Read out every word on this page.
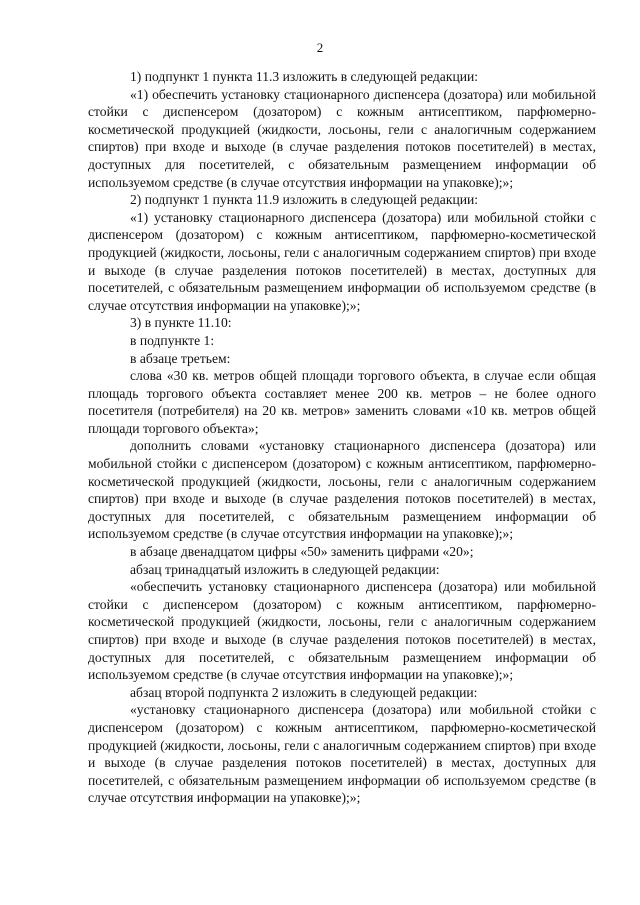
2

1) подпункт 1 пункта 11.3 изложить в следующей редакции:

«1) обеспечить установку стационарного диспенсера (дозатора) или мобильной стойки с диспенсером (дозатором) с кожным антисептиком, парфюмерно-косметической продукцией (жидкости, лосьоны, гели с аналогичным содержанием спиртов) при входе и выходе (в случае разделения потоков посетителей) в местах, доступных для посетителей, с обязательным размещением информации об используемом средстве (в случае отсутствия информации на упаковке);»;

2) подпункт 1 пункта 11.9 изложить в следующей редакции:

«1) установку стационарного диспенсера (дозатора) или мобильной стойки с диспенсером (дозатором) с кожным антисептиком, парфюмерно-косметической продукцией (жидкости, лосьоны, гели с аналогичным содержанием спиртов) при входе и выходе (в случае разделения потоков посетителей) в местах, доступных для посетителей, с обязательным размещением информации об используемом средстве (в случае отсутствия информации на упаковке);»;

3) в пункте 11.10:

в подпункте 1:

в абзаце третьем:

слова «30 кв. метров общей площади торгового объекта, в случае если общая площадь торгового объекта составляет менее 200 кв. метров – не более одного посетителя (потребителя) на 20 кв. метров» заменить словами «10 кв. метров общей площади торгового объекта»;

дополнить словами «установку стационарного диспенсера (дозатора) или мобильной стойки с диспенсером (дозатором) с кожным антисептиком, парфюмерно-косметической продукцией (жидкости, лосьоны, гели с аналогичным содержанием спиртов) при входе и выходе (в случае разделения потоков посетителей) в местах, доступных для посетителей, с обязательным размещением информации об используемом средстве (в случае отсутствия информации на упаковке);»;

в абзаце двенадцатом цифры «50» заменить цифрами «20»;

абзац тринадцатый изложить в следующей редакции:

«обеспечить установку стационарного диспенсера (дозатора) или мобильной стойки с диспенсером (дозатором) с кожным антисептиком, парфюмерно-косметической продукцией (жидкости, лосьоны, гели с аналогичным содержанием спиртов) при входе и выходе (в случае разделения потоков посетителей) в местах, доступных для посетителей, с обязательным размещением информации об используемом средстве (в случае отсутствия информации на упаковке);»;

абзац второй подпункта 2 изложить в следующей редакции:

«установку стационарного диспенсера (дозатора) или мобильной стойки с диспенсером (дозатором) с кожным антисептиком, парфюмерно-косметической продукцией (жидкости, лосьоны, гели с аналогичным содержанием спиртов) при входе и выходе (в случае разделения потоков посетителей) в местах, доступных для посетителей, с обязательным размещением информации об используемом средстве (в случае отсутствия информации на упаковке);»;
